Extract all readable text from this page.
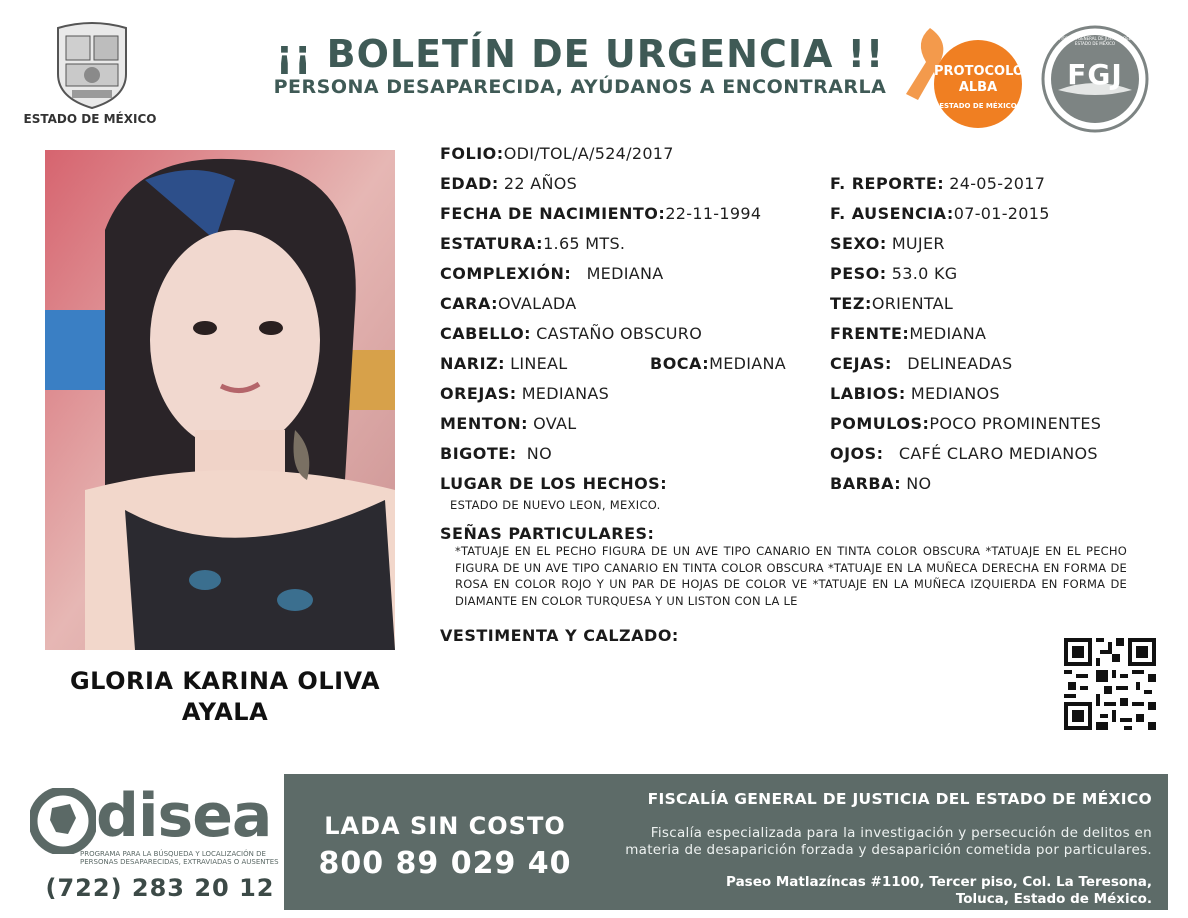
ESTADO DE MÉXICO
¡¡ BOLETÍN DE URGENCIA !!
PERSONA DESAPARECIDA, AYÚDANOS A ENCONTRARLA
PROTOCOLO
ALBA
ESTADO DE MÉXICO
FGJ
FISCALÍA GENERAL DE JUSTICIA DEL ESTADO DE MÉXICO
GLORIA KARINA OLIVA
AYALA
FOLIO:ODI/TOL/A/524/2017
EDAD: 22 AÑOS
FECHA DE NACIMIENTO:22-11-1994
ESTATURA:1.65 MTS.
COMPLEXIÓN: MEDIANA
CARA:OVALADA
CABELLO: CASTAÑO OBSCURO
NARIZ: LINEAL	BOCA:MEDIANA
OREJAS: MEDIANAS
MENTON: OVAL
BIGOTE: NO
LUGAR DE LOS HECHOS:
ESTADO DE NUEVO LEON, MEXICO.
F. REPORTE: 24-05-2017
F. AUSENCIA:07-01-2015
SEXO: MUJER
PESO: 53.0 KG
TEZ:ORIENTAL
FRENTE:MEDIANA
CEJAS: DELINEADAS
LABIOS: MEDIANOS
POMULOS:POCO PROMINENTES
OJOS: CAFÉ CLARO MEDIANOS
BARBA: NO
SEÑAS PARTICULARES:
*TATUAJE EN EL PECHO FIGURA DE UN AVE TIPO CANARIO EN TINTA COLOR OBSCURA *TATUAJE EN EL PECHO FIGURA DE UN AVE TIPO CANARIO EN TINTA COLOR OBSCURA *TATUAJE EN LA MUÑECA DERECHA EN FORMA DE ROSA EN COLOR ROJO Y UN PAR DE HOJAS DE COLOR VE *TATUAJE EN LA MUÑECA IZQUIERDA EN FORMA DE DIAMANTE EN COLOR TURQUESA Y UN LISTON CON LA LE
VESTIMENTA Y CALZADO:
disea
PROGRAMA PARA LA BÚSQUEDA Y LOCALIZACIÓN DE PERSONAS DESAPARECIDAS, EXTRAVIADAS O AUSENTES
(722) 283 20 12
LADA SIN COSTO
800 89 029 40
FISCALÍA GENERAL DE JUSTICIA DEL ESTADO DE MÉXICO
Fiscalía especializada para la investigación y persecución de delitos en
materia de desaparición forzada y desaparición cometida por particulares.
Paseo Matlazíncas #1100, Tercer piso, Col. La Teresona,
Toluca, Estado de México.
